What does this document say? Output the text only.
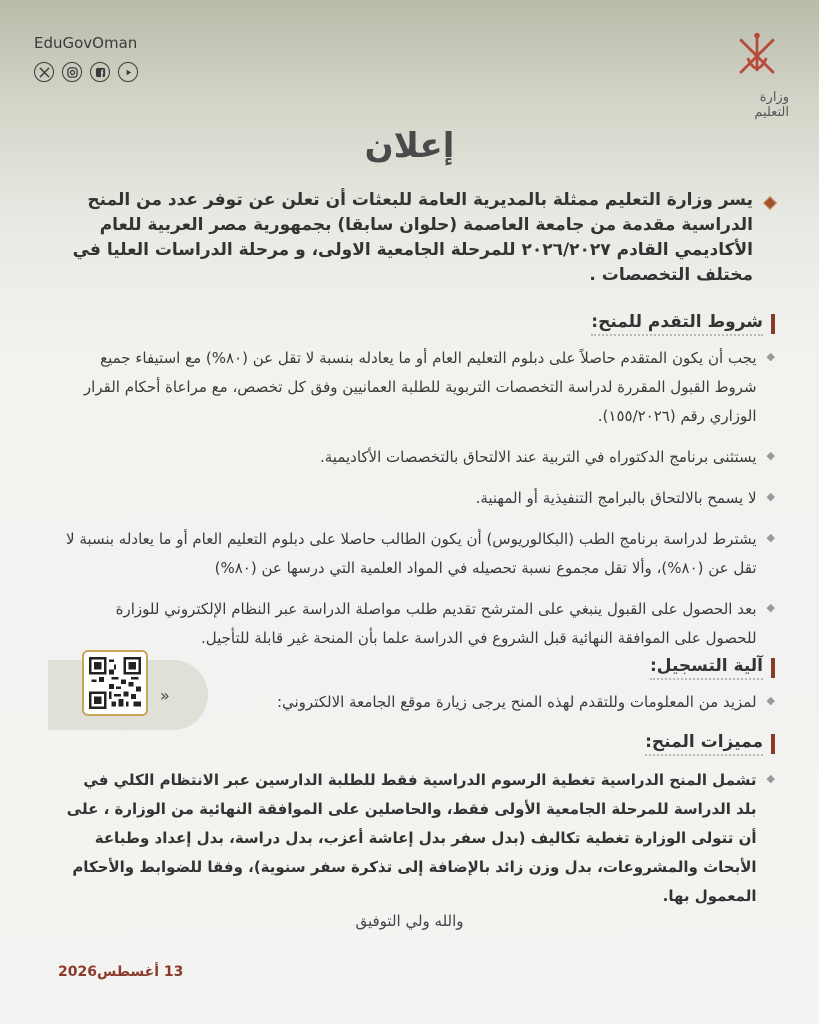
EduGovOman
وزارة التعليم
إعلان

يسر وزارة التعليم ممثلة بالمديرية العامة للبعثات أن تعلن عن توفر عدد من المنح الدراسية مقدمة من جامعة العاصمة (حلوان سابقا) بجمهورية مصر العربية للعام الأكاديمي القادم ٢٠٢٦/٢٠٢٧ للمرحلة الجامعية الاولى، و مرحلة الدراسات العليا في مختلف التخصصات .

شروط التقدم للمنح:
◆
يجب أن يكون المتقدم حاصلاً على دبلوم التعليم العام أو ما يعادله بنسبة لا تقل عن (٨٠%) مع استيفاء جميع شروط القبول المقررة لدراسة التخصصات التربوية للطلبة العمانيين وفق كل تخصص، مع مراعاة أحكام القرار الوزاري رقم (١٥٥/٢٠٢٦).
◆
يستثنى برنامج الدكتوراه في التربية عند الالتحاق بالتخصصات الأكاديمية.
◆
لا يسمح بالالتحاق بالبرامج التنفيذية أو المهنية.
◆
يشترط لدراسة برنامج الطب (البكالوريوس) أن يكون الطالب حاصلا على دبلوم التعليم العام أو ما يعادله بنسبة لا تقل عن (٨٠%)، وألا تقل مجموع نسبة تحصيله في المواد العلمية التي درسها عن (٨٠%)
◆
بعد الحصول على القبول ينبغي على المترشح تقديم طلب مواصلة الدراسة عبر النظام الإلكتروني للوزارة للحصول على الموافقة النهائية قبل الشروع في الدراسة علما بأن المنحة غير قابلة للتأجيل.
آلية التسجيل:
◆
لمزيد من المعلومات وللتقدم لهذه المنح يرجى زيارة موقع الجامعة الالكتروني:
»
مميزات المنح:
◆
تشمل المنح الدراسية تغطية الرسوم الدراسية فقط للطلبة الدارسين عبر الانتظام الكلي في بلد الدراسة للمرحلة الجامعية الأولى فقط، والحاصلين على الموافقة النهائية من الوزارة ، على أن تتولى الوزارة تغطية تكاليف (بدل سفر بدل إعاشة أعزب، بدل دراسة، بدل إعداد وطباعة الأبحاث والمشروعات، بدل وزن زائد بالإضافة إلى تذكرة سفر سنوية)، وفقا للضوابط والأحكام المعمول بها.
والله ولي التوفيق
13 أغسطس2026
